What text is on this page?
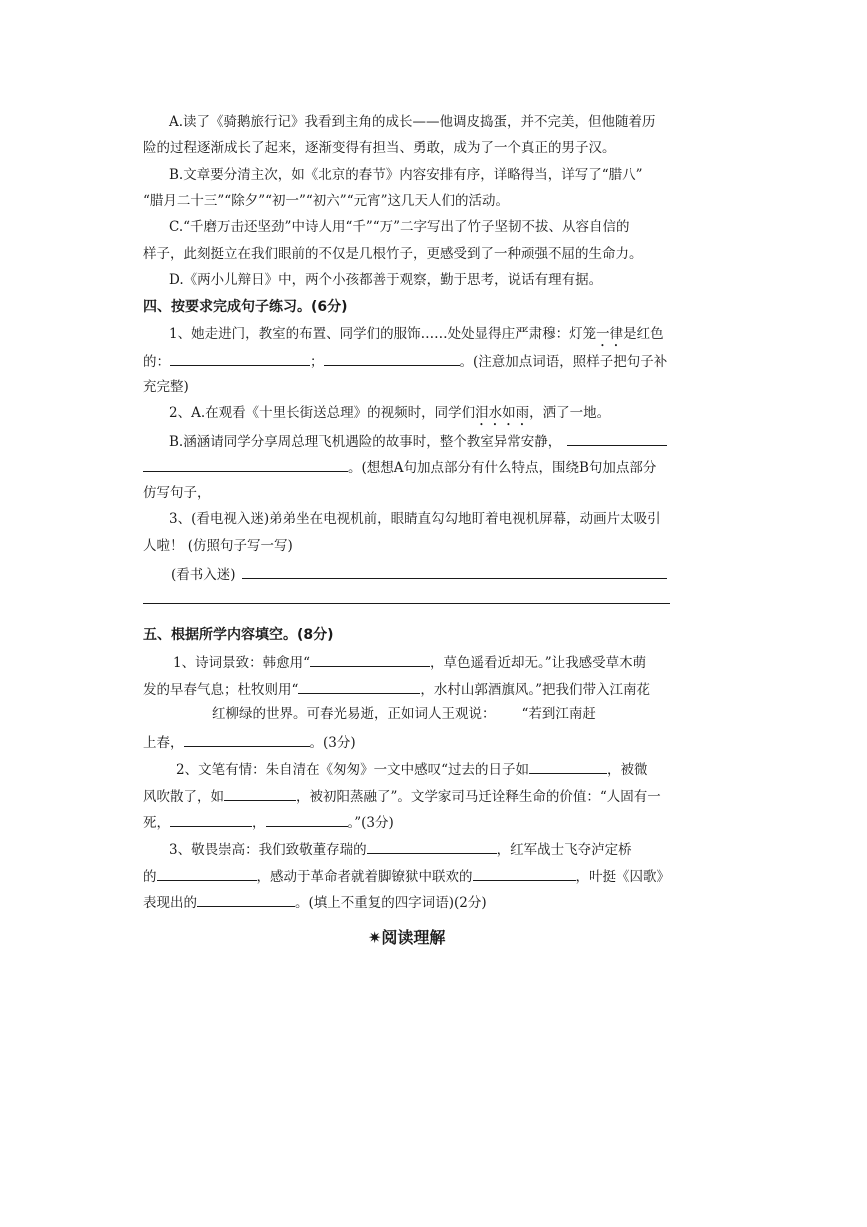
A.读了《骑鹅旅行记》我看到主角的成长——他调皮捣蛋，并不完美，但他随着历
险的过程逐渐成长了起来，逐渐变得有担当、勇敢，成为了一个真正的男子汉。
B.文章要分清主次，如《北京的春节》内容安排有序，详略得当，详写了“腊八”
“腊月二十三”“除夕”“初一”“初六”“元宵”这几天人们的活动。
C.“千磨万击还坚劲”中诗人用“千”“万”二字写出了竹子坚韧不拔、从容自信的
样子，此刻挺立在我们眼前的不仅是几根竹子，更感受到了一种顽强不屈的生命力。
D.《两小儿辩日》中，两个小孩都善于观察，勤于思考，说话有理有据。
四、按要求完成句子练习。(6分)
1、她走进门，教室的布置、同学们的服饰……处处显得庄严肃穆：灯笼一律是红色
的：	；	。(注意加点词语，照样子把句子补
充完整)
2、A.在观看《十里长街送总理》的视频时，同学们泪水如雨，洒了一地。
B.涵涵请同学分享周总理飞机遇险的故事时，整个教室异常安静，
。(想想A句加点部分有什么特点，围绕B句加点部分
仿写句子，
3、(看电视入迷)弟弟坐在电视机前，眼睛直勾勾地盯着电视机屏幕，动画片太吸引
人啦！ (仿照句子写一写)
(看书入迷)
五、根据所学内容填空。(8分)
1、诗词景致：韩愈用“	，草色遥看近却无。”让我感受草木萌
发的早春气息；杜牧则用“	，水村山郭酒旗风。”把我们带入江南花
红柳绿的世界。可春光易逝，正如词人王观说： “若到江南赶
上春，	。(3分)
2、文笔有情：朱自清在《匆匆》一文中感叹“过去的日子如	，被微
风吹散了，如	，被初阳蒸融了”。文学家司马迁诠释生命的价值：“人固有一
死，	，	。”(3分)
3、敬畏崇高：我们致敬董存瑞的	，红军战士飞夺泸定桥
的	，感动于革命者就着脚镣狱中联欢的	，叶挺《囚歌》
表现出的	。(填上不重复的四字词语)(2分)
✷阅读理解
